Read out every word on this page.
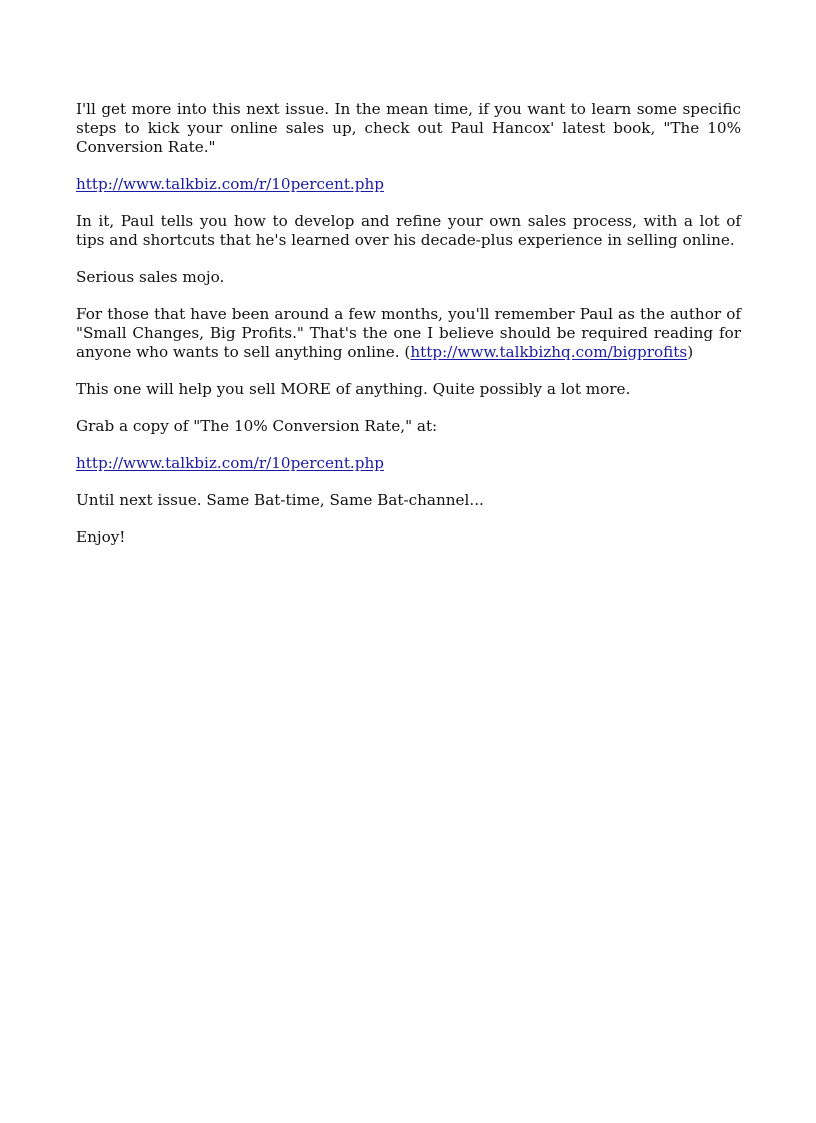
I'll get more into this next issue. In the mean time, if you want to learn some specific steps to kick your online sales up, check out Paul Hancox' latest book, "The 10% Conversion Rate."

http://www.talkbiz.com/r/10percent.php

In it, Paul tells you how to develop and refine your own sales process, with a lot of tips and shortcuts that he's learned over his decade-plus experience in selling online.

Serious sales mojo.

For those that have been around a few months, you'll remember Paul as the author of "Small Changes, Big Profits." That's the one I believe should be required reading for anyone who wants to sell anything online. (http://www.talkbizhq.com/bigprofits)

This one will help you sell MORE of anything. Quite possibly a lot more.

Grab a copy of "The 10% Conversion Rate," at:

http://www.talkbiz.com/r/10percent.php

Until next issue. Same Bat-time, Same Bat-channel...

Enjoy!
